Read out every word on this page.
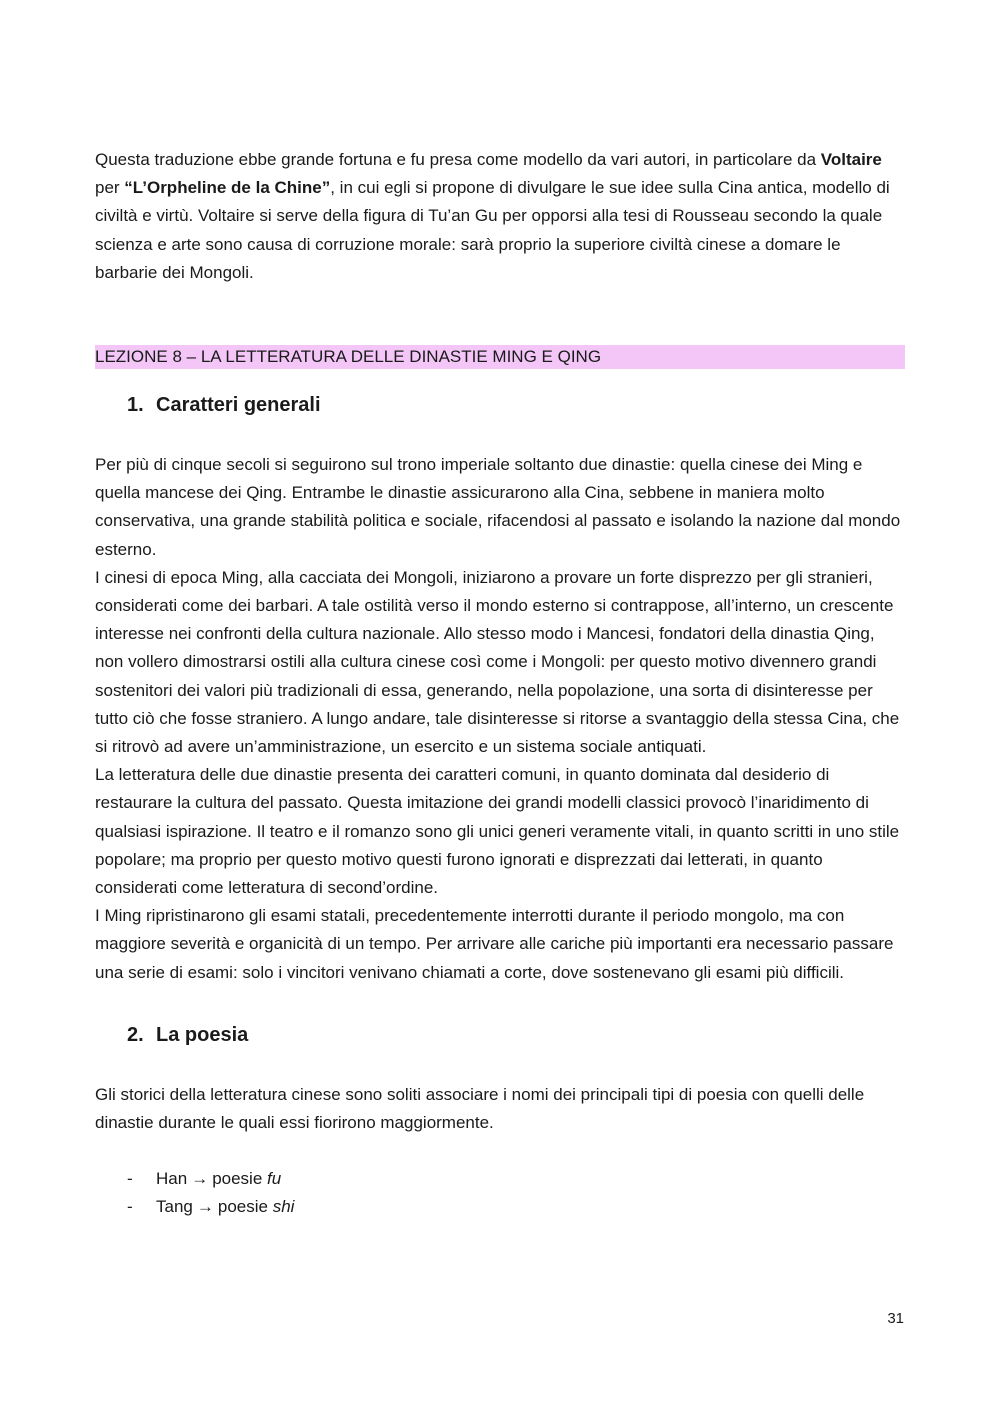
Questa traduzione ebbe grande fortuna e fu presa come modello da vari autori, in particolare da Voltaire per “L’Orpheline de la Chine”, in cui egli si propone di divulgare le sue idee sulla Cina antica, modello di civiltà e virtù. Voltaire si serve della figura di Tu’an Gu per opporsi alla tesi di Rousseau secondo la quale scienza e arte sono causa di corruzione morale: sarà proprio la superiore civiltà cinese a domare le barbarie dei Mongoli.

LEZIONE 8 – LA LETTERATURA DELLE DINASTIE MING E QING
1. Caratteri generali

Per più di cinque secoli si seguirono sul trono imperiale soltanto due dinastie: quella cinese dei Ming e quella mancese dei Qing. Entrambe le dinastie assicurarono alla Cina, sebbene in maniera molto conservativa, una grande stabilità politica e sociale, rifacendosi al passato e isolando la nazione dal mondo esterno.

I cinesi di epoca Ming, alla cacciata dei Mongoli, iniziarono a provare un forte disprezzo per gli stranieri, considerati come dei barbari. A tale ostilità verso il mondo esterno si contrappose, all’interno, un crescente interesse nei confronti della cultura nazionale. Allo stesso modo i Mancesi, fondatori della dinastia Qing, non vollero dimostrarsi ostili alla cultura cinese così come i Mongoli: per questo motivo divennero grandi sostenitori dei valori più tradizionali di essa, generando, nella popolazione, una sorta di disinteresse per tutto ciò che fosse straniero. A lungo andare, tale disinteresse si ritorse a svantaggio della stessa Cina, che si ritrovò ad avere un’amministrazione, un esercito e un sistema sociale antiquati.

La letteratura delle due dinastie presenta dei caratteri comuni, in quanto dominata dal desiderio di restaurare la cultura del passato. Questa imitazione dei grandi modelli classici provocò l’inaridimento di qualsiasi ispirazione. Il teatro e il romanzo sono gli unici generi veramente vitali, in quanto scritti in uno stile popolare; ma proprio per questo motivo questi furono ignorati e disprezzati dai letterati, in quanto considerati come letteratura di second’ordine.

I Ming ripristinarono gli esami statali, precedentemente interrotti durante il periodo mongolo, ma con maggiore severità e organicità di un tempo. Per arrivare alle cariche più importanti era necessario passare una serie di esami: solo i vincitori venivano chiamati a corte, dove sostenevano gli esami più difficili.

2. La poesia

Gli storici della letteratura cinese sono soliti associare i nomi dei principali tipi di poesia con quelli delle dinastie durante le quali essi fiorirono maggiormente.

- Han → poesie fu
- Tang → poesie shi
31
